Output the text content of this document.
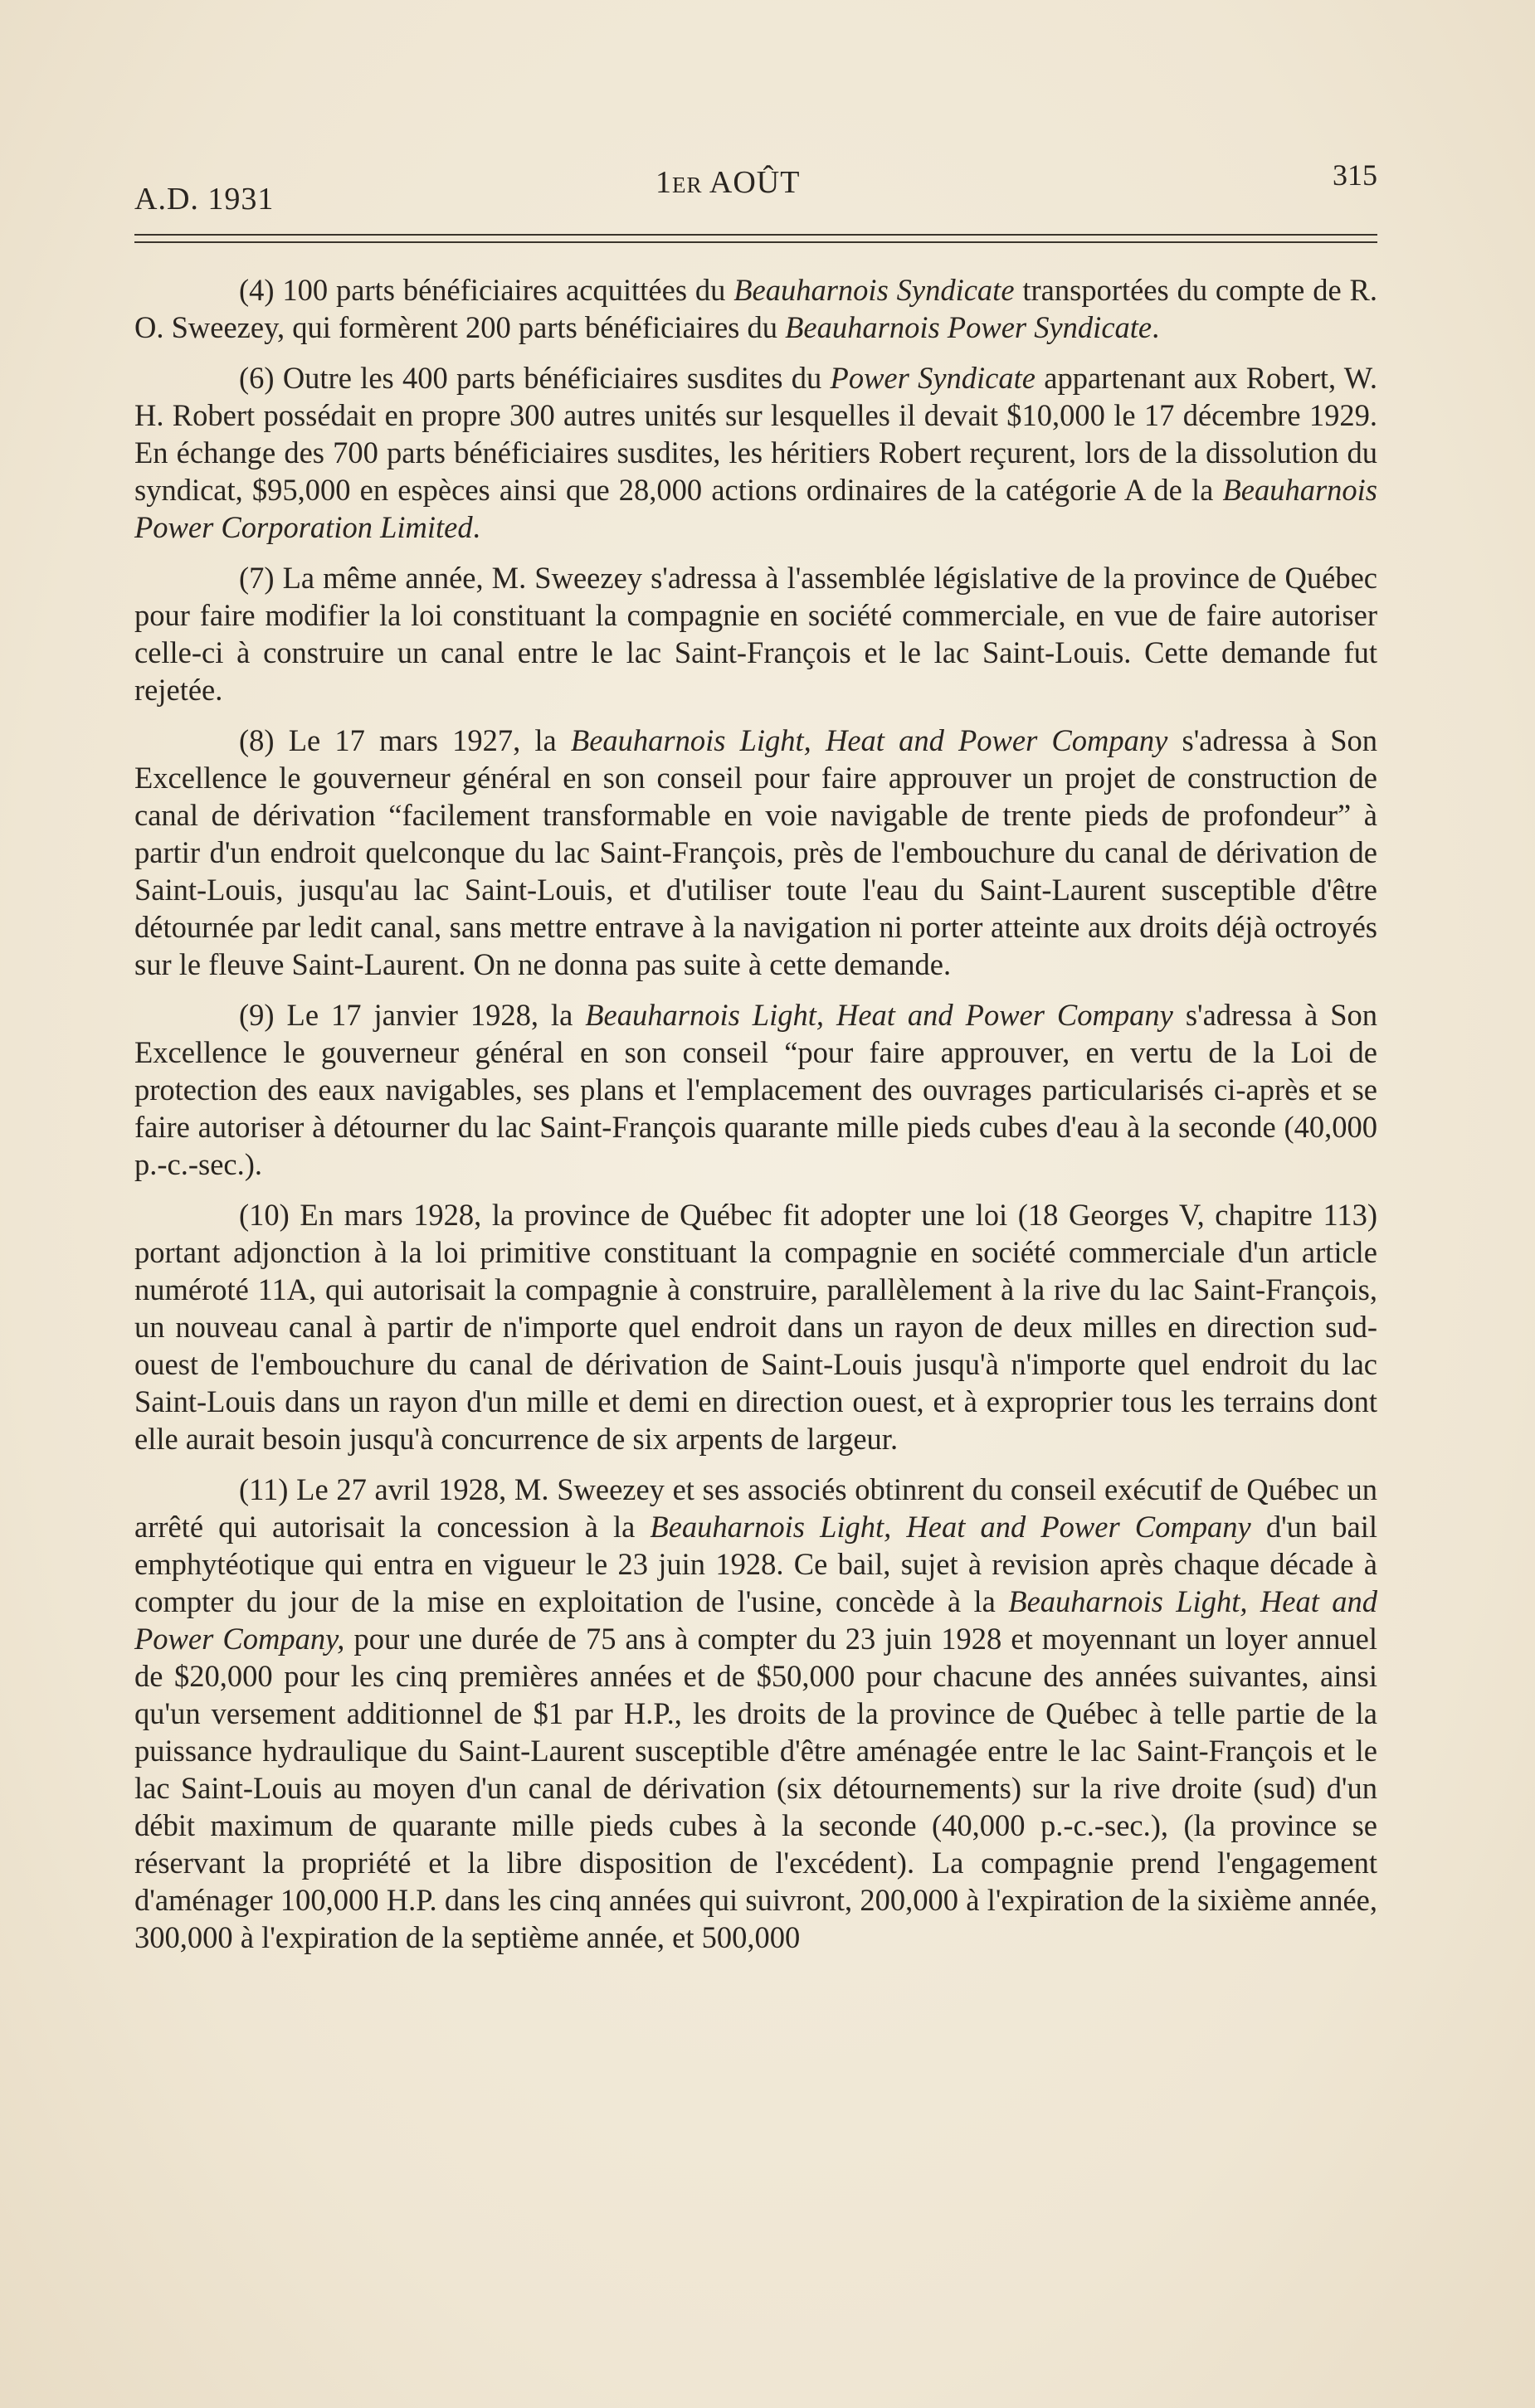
A.D. 1931	1er AOÛT	315

(4) 100 parts bénéficiaires acquittées du Beauharnois Syndicate transportées du compte de R. O. Sweezey, qui formèrent 200 parts bénéficiaires du Beauharnois Power Syndicate.

(6) Outre les 400 parts bénéficiaires susdites du Power Syndicate appartenant aux Robert, W. H. Robert possédait en propre 300 autres unités sur lesquelles il devait $10,000 le 17 décembre 1929. En échange des 700 parts bénéficiaires susdites, les héritiers Robert reçurent, lors de la dissolution du syndicat, $95,000 en espèces ainsi que 28,000 actions ordinaires de la catégorie A de la Beauharnois Power Corporation Limited.

(7) La même année, M. Sweezey s'adressa à l'assemblée législative de la province de Québec pour faire modifier la loi constituant la compagnie en société commerciale, en vue de faire autoriser celle-ci à construire un canal entre le lac Saint-François et le lac Saint-Louis. Cette demande fut rejetée.

(8) Le 17 mars 1927, la Beauharnois Light, Heat and Power Company s'adressa à Son Excellence le gouverneur général en son conseil pour faire approuver un projet de construction de canal de dérivation “facilement transformable en voie navigable de trente pieds de profondeur” à partir d'un endroit quelconque du lac Saint-François, près de l'embouchure du canal de dérivation de Saint-Louis, jusqu'au lac Saint-Louis, et d'utiliser toute l'eau du Saint-Laurent susceptible d'être détournée par ledit canal, sans mettre entrave à la navigation ni porter atteinte aux droits déjà octroyés sur le fleuve Saint-Laurent. On ne donna pas suite à cette demande.

(9) Le 17 janvier 1928, la Beauharnois Light, Heat and Power Company s'adressa à Son Excellence le gouverneur général en son conseil “pour faire approuver, en vertu de la Loi de protection des eaux navigables, ses plans et l'emplacement des ouvrages particularisés ci-après et se faire autoriser à détourner du lac Saint-François quarante mille pieds cubes d'eau à la seconde (40,000 p.-c.-sec.).

(10) En mars 1928, la province de Québec fit adopter une loi (18 Georges V, chapitre 113) portant adjonction à la loi primitive constituant la compagnie en société commerciale d'un article numéroté 11A, qui autorisait la compagnie à construire, parallèlement à la rive du lac Saint-François, un nouveau canal à partir de n'importe quel endroit dans un rayon de deux milles en direction sud-ouest de l'embouchure du canal de dérivation de Saint-Louis jusqu'à n'importe quel endroit du lac Saint-Louis dans un rayon d'un mille et demi en direction ouest, et à exproprier tous les terrains dont elle aurait besoin jusqu'à concurrence de six arpents de largeur.

(11) Le 27 avril 1928, M. Sweezey et ses associés obtinrent du conseil exécutif de Québec un arrêté qui autorisait la concession à la Beauharnois Light, Heat and Power Company d'un bail emphytéotique qui entra en vigueur le 23 juin 1928. Ce bail, sujet à revision après chaque décade à compter du jour de la mise en exploitation de l'usine, concède à la Beauharnois Light, Heat and Power Company, pour une durée de 75 ans à compter du 23 juin 1928 et moyennant un loyer annuel de $20,000 pour les cinq premières années et de $50,000 pour chacune des années suivantes, ainsi qu'un versement additionnel de $1 par H.P., les droits de la province de Québec à telle partie de la puissance hydraulique du Saint-Laurent susceptible d'être aménagée entre le lac Saint-François et le lac Saint-Louis au moyen d'un canal de dérivation (six détournements) sur la rive droite (sud) d'un débit maximum de quarante mille pieds cubes à la seconde (40,000 p.-c.-sec.), (la province se réservant la propriété et la libre disposition de l'excédent). La compagnie prend l'engagement d'aménager 100,000 H.P. dans les cinq années qui suivront, 200,000 à l'expiration de la sixième année, 300,000 à l'expiration de la septième année, et 500,000
